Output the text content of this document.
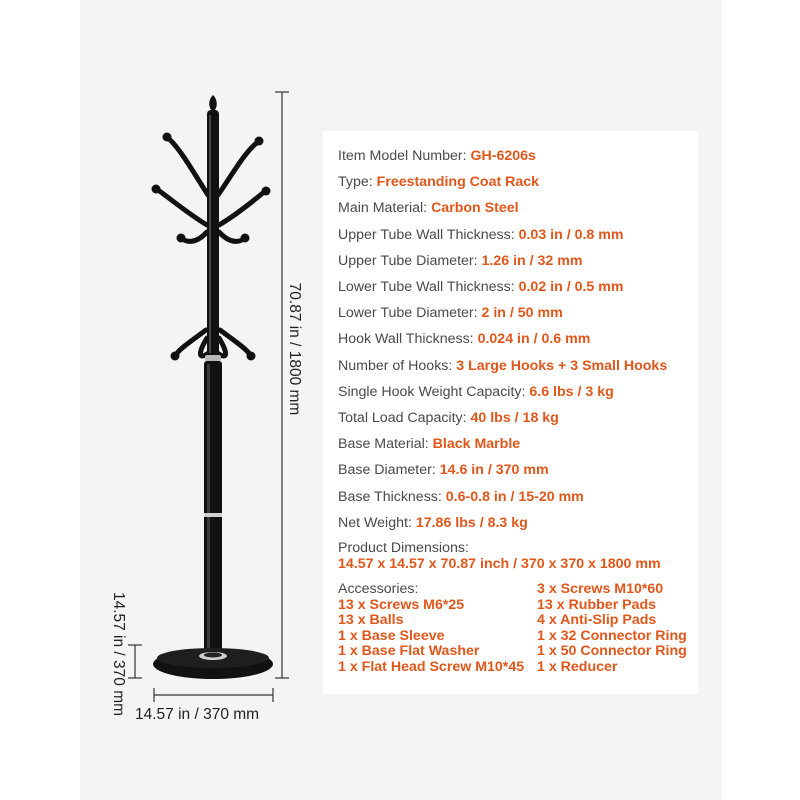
70.87 in / 1800 mm
14.57 in / 370 mm 14.57 in / 370 mm
Item Model Number: GH-6206s
Type: Freestanding Coat Rack
Main Material: Carbon Steel
Upper Tube Wall Thickness: 0.03 in / 0.8 mm
Upper Tube Diameter: 1.26 in / 32 mm
Lower Tube Wall Thickness: 0.02 in / 0.5 mm
Lower Tube Diameter: 2 in / 50 mm
Hook Wall Thickness: 0.024 in / 0.6 mm
Number of Hooks: 3 Large Hooks + 3 Small Hooks
Single Hook Weight Capacity: 6.6 lbs / 3 kg
Total Load Capacity: 40 lbs / 18 kg
Base Material: Black Marble
Base Diameter: 14.6 in / 370 mm
Base Thickness: 0.6-0.8 in / 15-20 mm
Net Weight: 17.86 lbs / 8.3 kg
Product Dimensions:
14.57 x 14.57 x 70.87 inch / 370 x 370 x 1800 mm
Accessories:
13 x Screws M6*25
13 x Balls
1 x Base Sleeve
1 x Base Flat Washer
1 x Flat Head Screw M10*45
3 x Screws M10*60
13 x Rubber Pads
4 x Anti-Slip Pads
1 x 32 Connector Ring
1 x 50 Connector Ring
1 x Reducer
